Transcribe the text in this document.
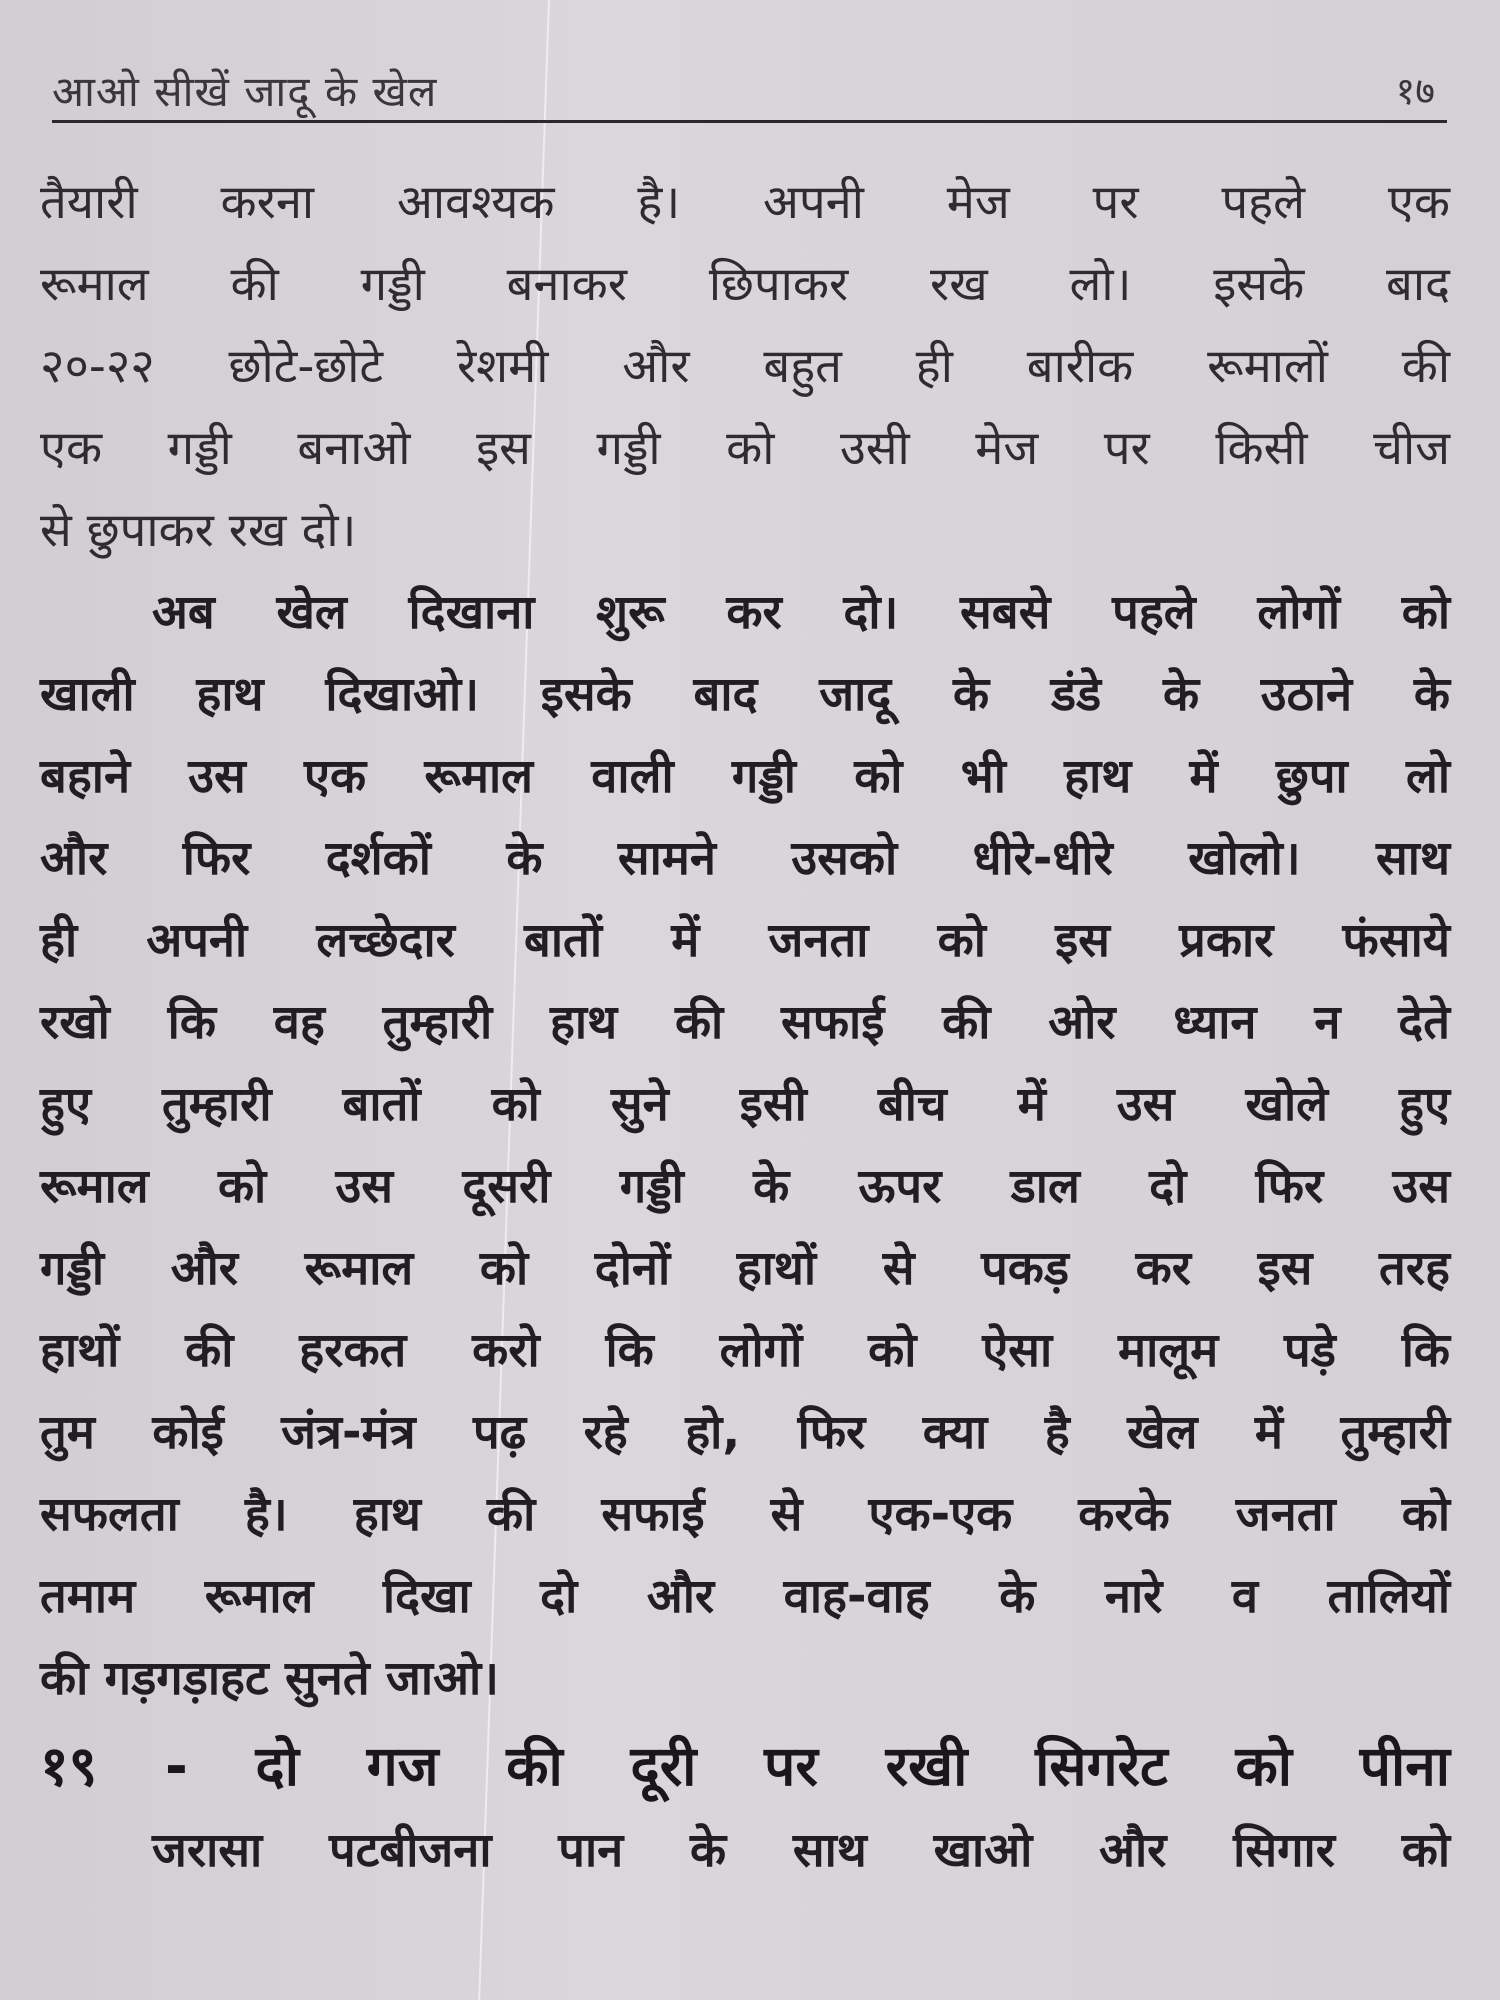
आओ सीखें जादू के खेल	१७
तैयारी करना आवश्यक है। अपनी मेज पर पहले एक
रूमाल की गड्डी बनाकर छिपाकर रख लो। इसके बाद
२०-२२ छोटे-छोटे रेशमी और बहुत ही बारीक रूमालों की
एक गड्डी बनाओ इस गड्डी को उसी मेज पर किसी चीज
से छुपाकर रख दो।
अब खेल दिखाना शुरू कर दो। सबसे पहले लोगों को
खाली हाथ दिखाओ। इसके बाद जादू के डंडे के उठाने के
बहाने उस एक रूमाल वाली गड्डी को भी हाथ में छुपा लो
और फिर दर्शकों के सामने उसको धीरे-धीरे खोलो। साथ
ही अपनी लच्छेदार बातों में जनता को इस प्रकार फंसाये
रखो कि वह तुम्हारी हाथ की सफाई की ओर ध्यान न देते
हुए तुम्हारी बातों को सुने इसी बीच में उस खोले हुए
रूमाल को उस दूसरी गड्डी के ऊपर डाल दो फिर उस
गड्डी और रूमाल को दोनों हाथों से पकड़ कर इस तरह
हाथों की हरकत करो कि लोगों को ऐसा मालूम पड़े कि
तुम कोई जंत्र-मंत्र पढ़ रहे हो, फिर क्या है खेल में तुम्हारी
सफलता है। हाथ की सफाई से एक-एक करके जनता को
तमाम रूमाल दिखा दो और वाह-वाह के नारे व तालियों
की गड़गड़ाहट सुनते जाओ।
१९ - दो गज की दूरी पर रखी सिगरेट को पीना
जरासा पटबीजना पान के साथ खाओ और सिगार को
